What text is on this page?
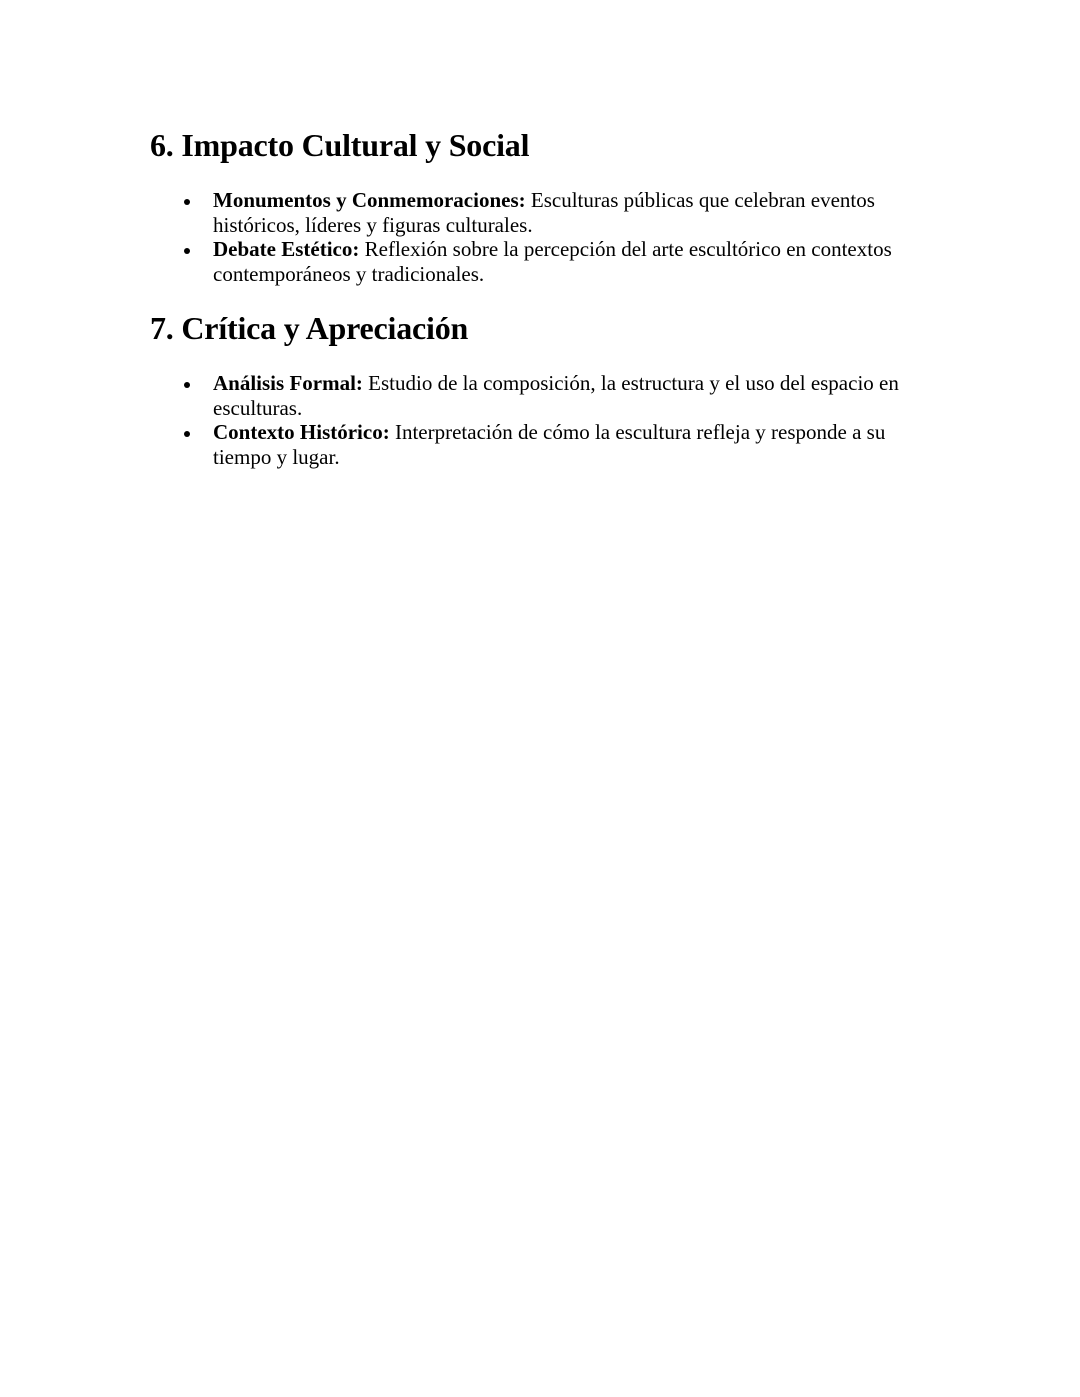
6. Impacto Cultural y Social
Monumentos y Conmemoraciones: Esculturas públicas que celebran eventos históricos, líderes y figuras culturales.
Debate Estético: Reflexión sobre la percepción del arte escultórico en contextos contemporáneos y tradicionales.
7. Crítica y Apreciación
Análisis Formal: Estudio de la composición, la estructura y el uso del espacio en esculturas.
Contexto Histórico: Interpretación de cómo la escultura refleja y responde a su tiempo y lugar.
